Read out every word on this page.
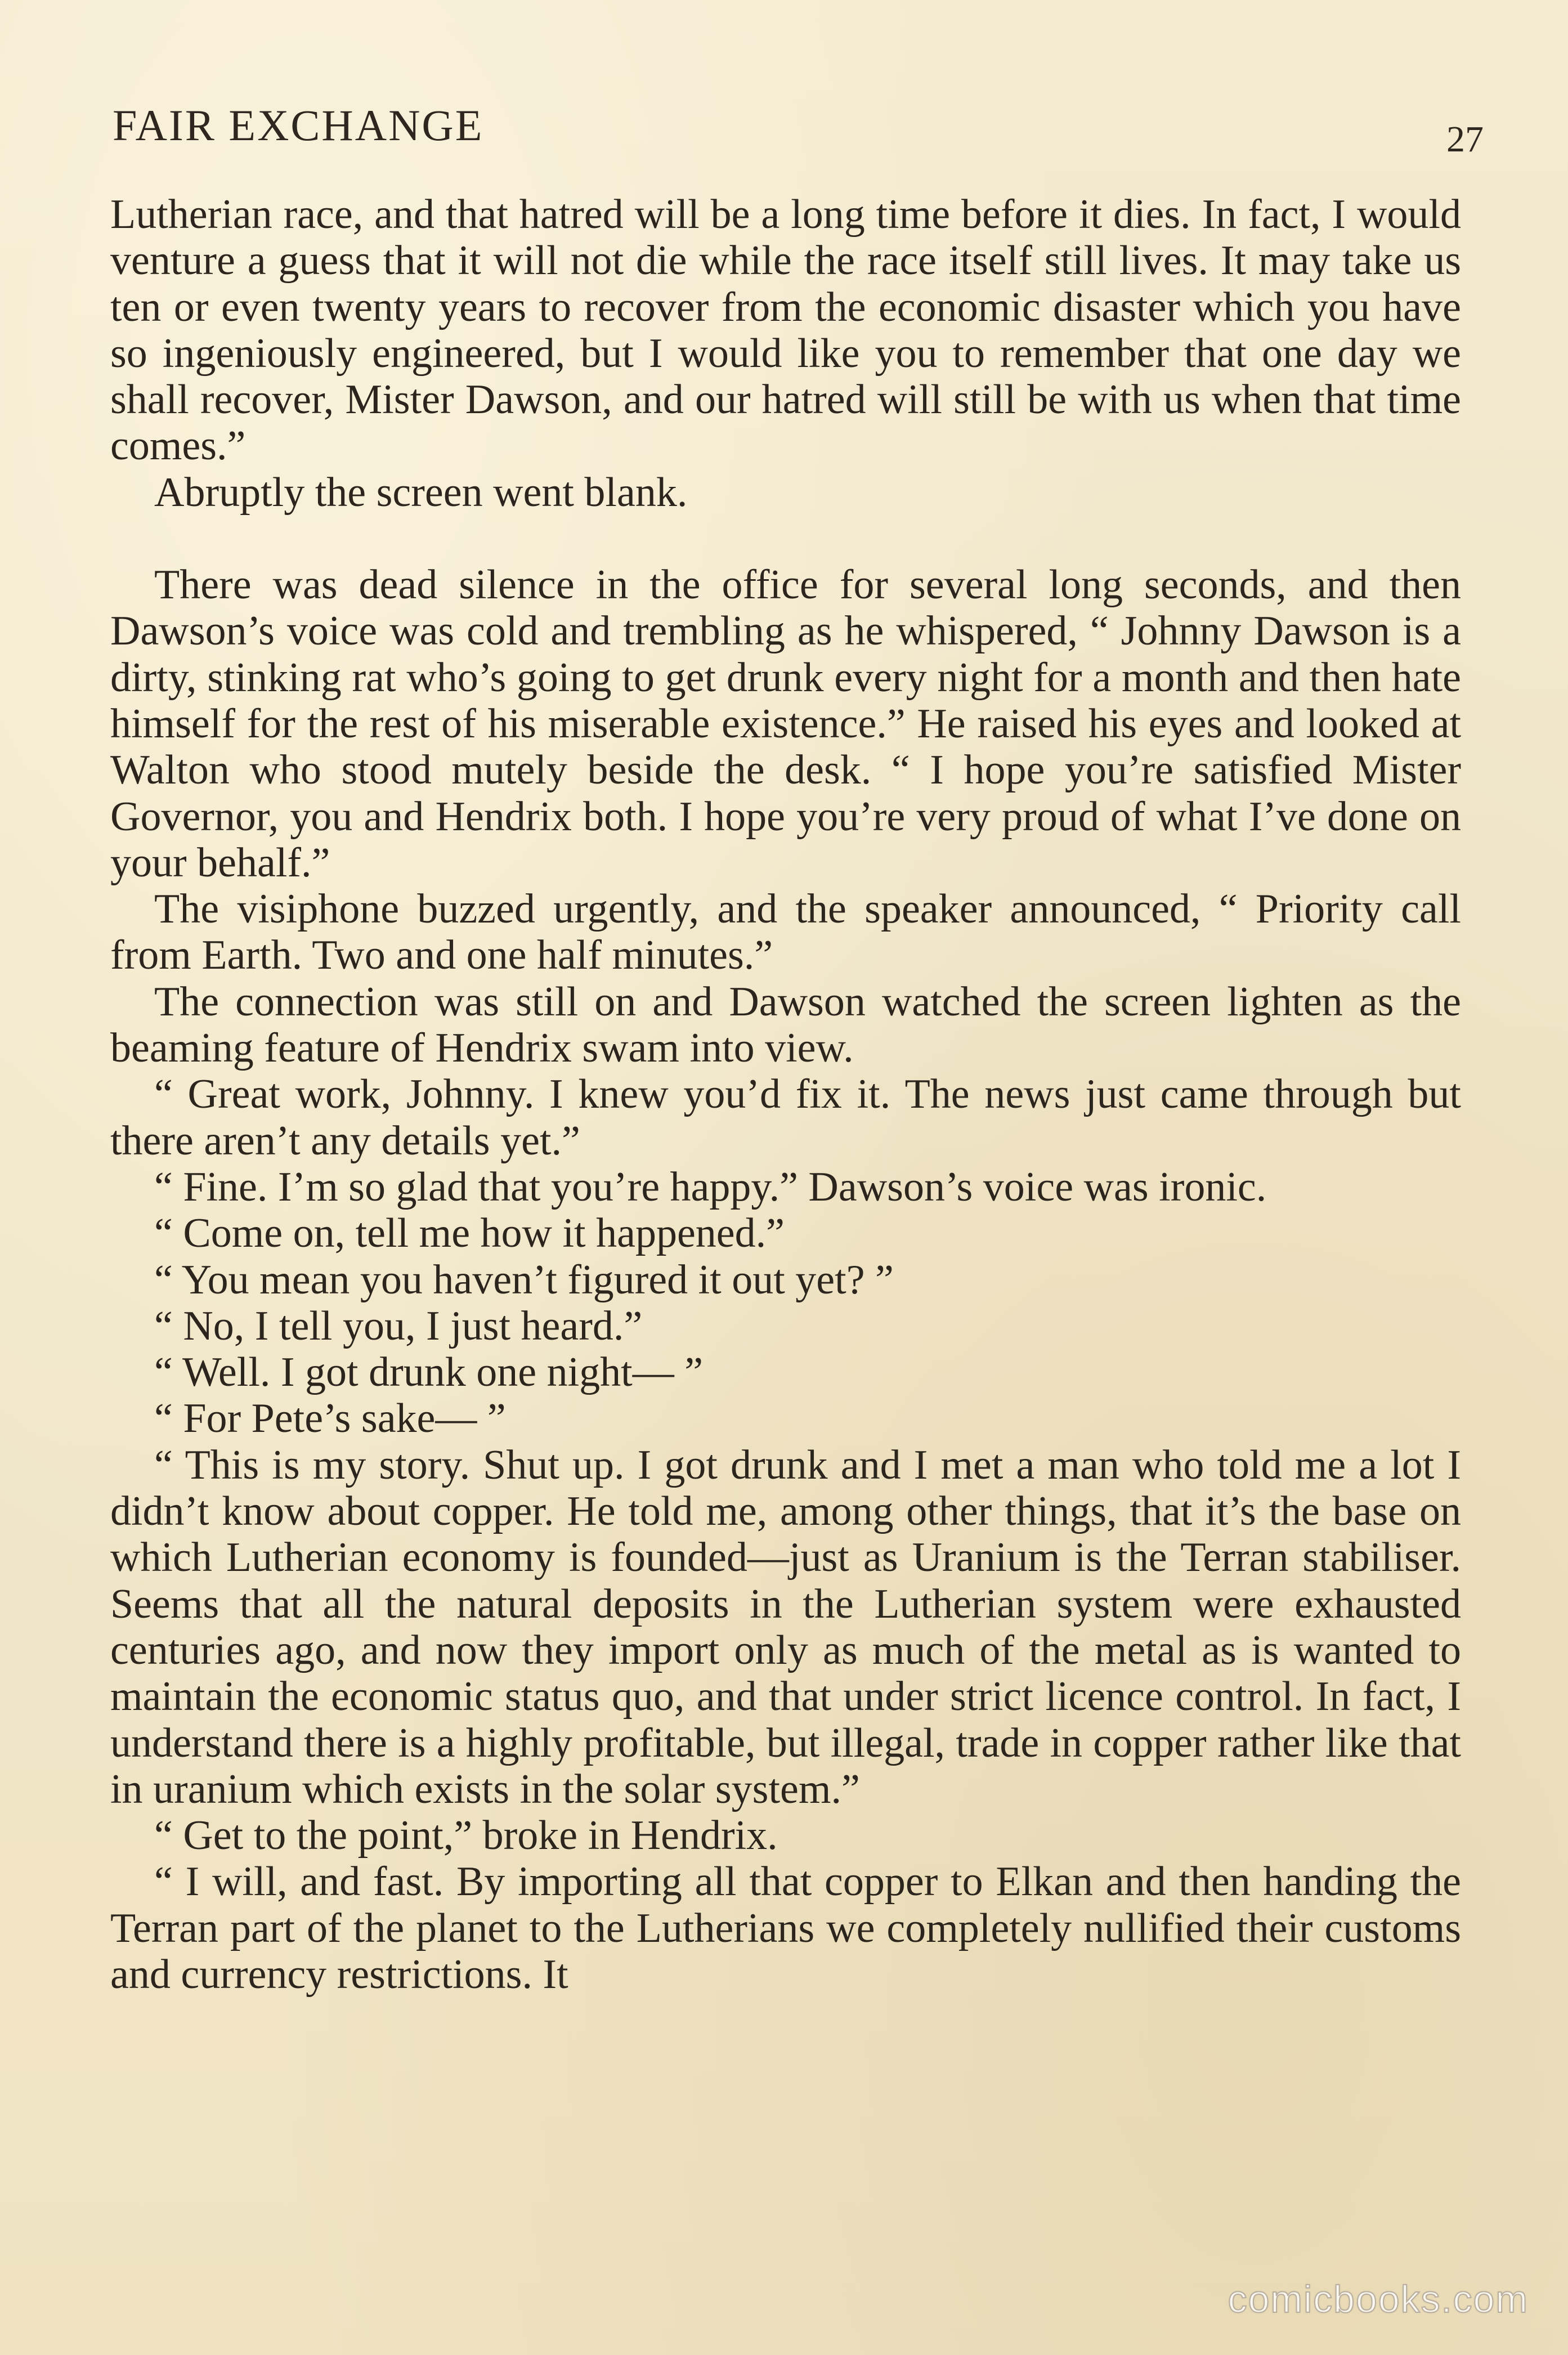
FAIR EXCHANGE	27

Lutherian race, and that hatred will be a long time before it dies. In fact, I would venture a guess that it will not die while the race itself still lives. It may take us ten or even twenty years to recover from the economic disaster which you have so ingeniously engineered, but I would like you to remember that one day we shall recover, Mister Dawson, and our hatred will still be with us when that time comes.”

Abruptly the screen went blank.

There was dead silence in the office for several long seconds, and then Dawson’s voice was cold and trembling as he whispered, “ Johnny Dawson is a dirty, stinking rat who’s going to get drunk every night for a month and then hate himself for the rest of his miserable existence.” He raised his eyes and looked at Walton who stood mutely beside the desk. “ I hope you’re satisfied Mister Governor, you and Hendrix both. I hope you’re very proud of what I’ve done on your behalf.”

The visiphone buzzed urgently, and the speaker announced, “ Priority call from Earth. Two and one half minutes.”

The connection was still on and Dawson watched the screen lighten as the beaming feature of Hendrix swam into view.

“ Great work, Johnny. I knew you’d fix it. The news just came through but there aren’t any details yet.”

“ Fine. I’m so glad that you’re happy.” Dawson’s voice was ironic.

“ Come on, tell me how it happened.”

“ You mean you haven’t figured it out yet? ”

“ No, I tell you, I just heard.”

“ Well. I got drunk one night— ”

“ For Pete’s sake— ”

“ This is my story. Shut up. I got drunk and I met a man who told me a lot I didn’t know about copper. He told me, among other things, that it’s the base on which Lutherian economy is founded—just as Uranium is the Terran stabiliser. Seems that all the natural deposits in the Lutherian system were exhausted centuries ago, and now they import only as much of the metal as is wanted to maintain the economic status quo, and that under strict licence control. In fact, I understand there is a highly profitable, but illegal, trade in copper rather like that in uranium which exists in the solar system.”

“ Get to the point,” broke in Hendrix.

“ I will, and fast. By importing all that copper to Elkan and then handing the Terran part of the planet to the Lutherians we completely nullified their customs and currency restrictions. It

comicbooks.com
